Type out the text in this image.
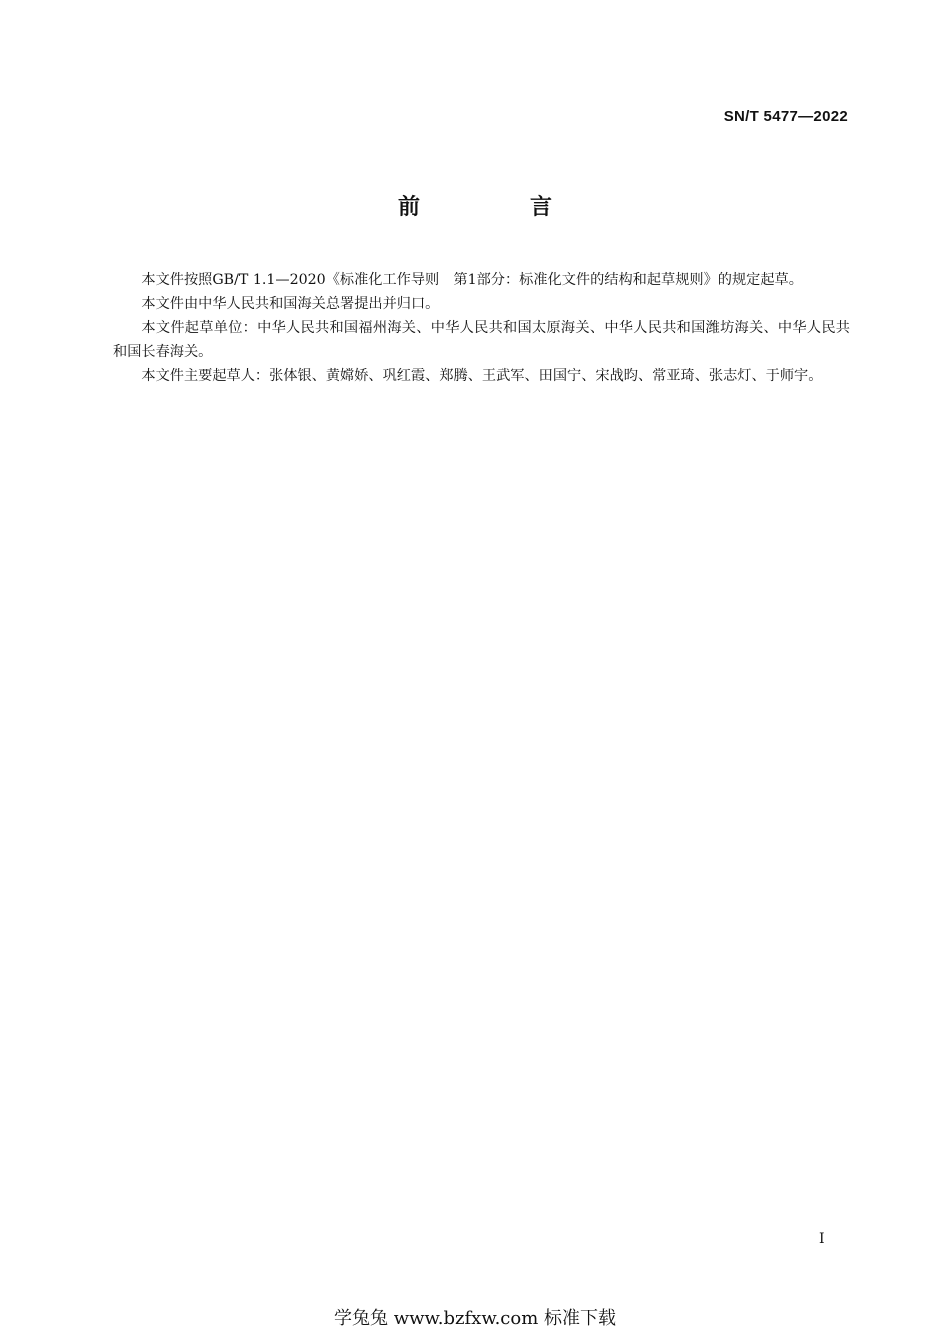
SN/T 5477—2022

前　言

本文件按照GB/T 1.1—2020《标准化工作导则　第1部分：标准化文件的结构和起草规则》的规定起草。

本文件由中华人民共和国海关总署提出并归口。

本文件起草单位：中华人民共和国福州海关、中华人民共和国太原海关、中华人民共和国潍坊海关、中华人民共和国长春海关。

本文件主要起草人：张体银、黄嫦娇、巩红霞、郑腾、王武军、田国宁、宋战昀、常亚琦、张志灯、于师宇。

I

学兔兔 www.bzfxw.com 标准下载
